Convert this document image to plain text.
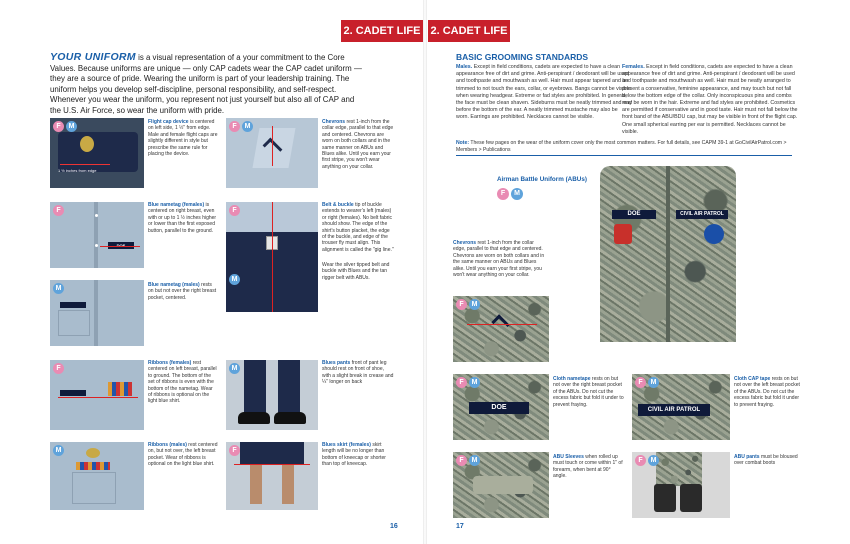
2. CADET LIFE 2. CADET LIFE
YOUR UNIFORM is a visual representation of a your commitment to the Core Values. Because uniforms are unique — only CAP cadets wear the CAP cadet uniform — they are a source of pride. Wearing the uniform is part of your leadership training. The uniform helps you develop self-discipline, personal responsibility, and self-respect. Whenever you wear the uniform, you represent not just yourself but also all of CAP and the U.S. Air Force, so wear the uniform with pride.
1 ½ inches from edge
F	M
Flight cap device is centered on left side, 1 ½" from edge. Male and female flight caps are slightly different in style but prescribe the same rule for placing the device.
F	M
Chevrons rest 1-inch from the collar edge, parallel to that edge and centered. Chevrons are worn on both collars and in the same manner on ABUs and Blues alike. Until you earn your first stripe, you won't wear anything on your collar.
F
Blue nametag (females) is centered on right breast, even with or up to 1 ½ inches higher or lower than the first exposed button, parallel to the ground.
F
M
Belt & buckle tip of buckle extends to wearer's left (males) or right (females). No belt fabric should show. The edge of the shirt's button placket, the edge of the buckle, and edge of the trouser fly must align. This alignment is called the "gig line."
Wear the silver tipped belt and buckle with Blues and the tan rigger belt with ABUs.
M	Blue nametag (males) rests on but not over the right breast pocket, centered.
F
Ribbons (females) rest centered on left breast, parallel to ground. The bottom of the set of ribbons is even with the bottom of the nametag. Wear of ribbons is optional on the light blue shirt.
M
Blues pants front of pant leg should rest on front of shoe, with a slight break in crease and ¼" longer on back
M
Ribbons (males) rest centered on, but not over, the left breast pocket. Wear of ribbons is optional on the light blue shirt.
F
Blues skirt (females) skirt length will be no longer than bottom of kneecap or shorter than top of kneecap.
16
BASIC GROOMING STANDARDS
Males. Except in field conditions, cadets are expected to have a clean appearance free of dirt and grime. Anti-perspirant / deodorant will be used and toothpaste and mouthwash as well. Hair must appear tapered and be trimmed to not touch the ears, collar, or eyebrows. Bangs cannot be visible when wearing headgear. Extreme or fad styles are prohibited. In general, the face must be clean shaven. Sideburns must be neatly trimmed and end before the bottom of the ear. A neatly trimmed mustache may also be worn. Earrings are prohibited. Necklaces cannot be visible.
Females. Except in field conditions, cadets are expected to have a clean appearance free of dirt and grime. Anti-perspirant / deodorant will be used and toothpaste and mouthwash as well. Hair must be neatly arranged to present a conservative, feminine appearance, and may touch but not fall below the bottom edge of the collar. Only inconspicuous pins and combs may be worn in the hair. Extreme and fad styles are prohibited. Cosmetics are permitted if conservative and in good taste. Hair must not fall below the front band of the ABU/BDU cap, but may be visible in front of the flight cap. One small spherical earring per ear is permitted. Necklaces cannot be visible.
Note: These few pages on the wear of the uniform cover only the most common matters. For full details, see CAPM 39-1 at GoCivilAirPatrol.com > Members > Publications
Airman Battle Uniform (ABUs)
F	M
DOE	CIVIL AIR PATROL
Chevrons rest 1-inch from the collar edge, parallel to that edge and centered. Chevrons are worn on both collars and in the same manner on ABUs and Blues alike. Until you earn your first stripe, you won't wear anything on your collar.
F	M
DOE
F	M	Cloth nametape rests on but not over the right breast pocket of the ABUs. Do not cut the excess fabric but fold it under to prevent fraying.
CIVIL AIR PATROL
F	M	Cloth CAP tape rests on but not over the left breast pocket of the ABUs. Do not cut the excess fabric but fold it under to prevent fraying.
F	M	ABU Sleeves when rolled up must touch or come within 1" of forearm, when bent at 90° angle.
F	M	ABU pants must be bloused over combat boots
17
